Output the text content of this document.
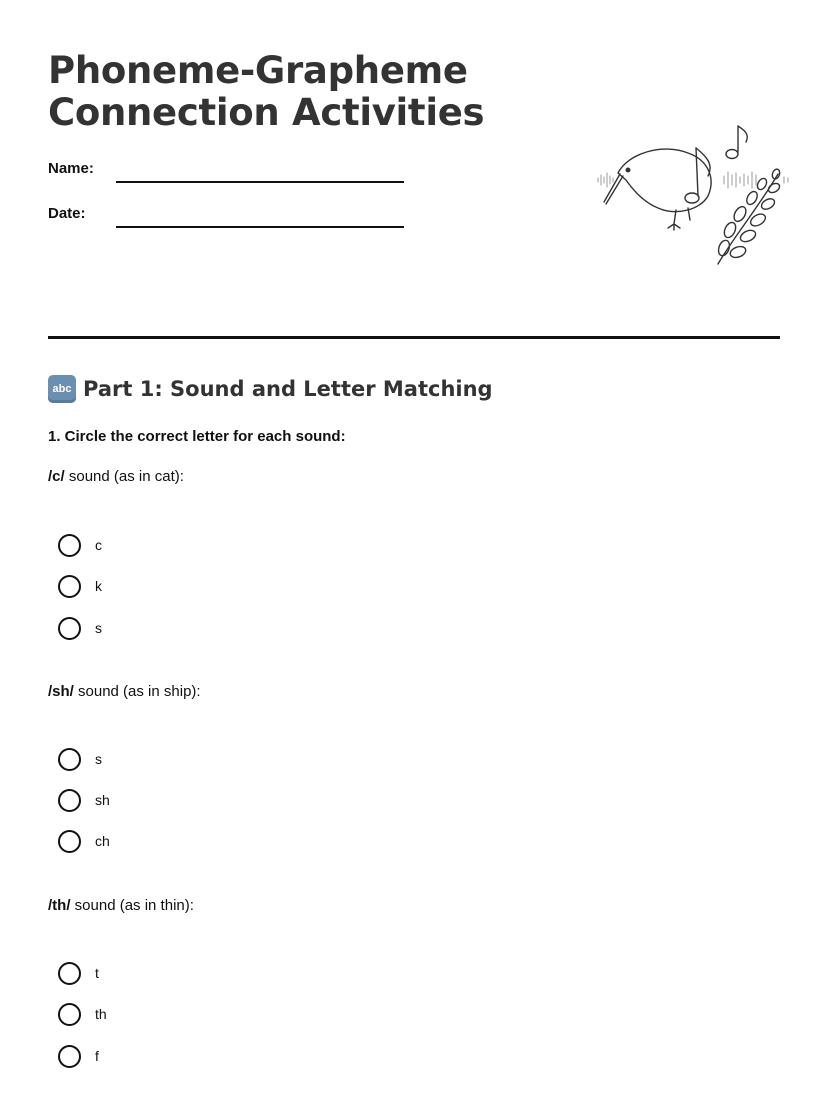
Phoneme-Grapheme
Connection Activities
Name:
Date:
abc Part 1: Sound and Letter Matching
1. Circle the correct letter for each sound:
/c/ sound (as in cat):
c
k
s
/sh/ sound (as in ship):
s
sh
ch
/th/ sound (as in thin):
t
th
f
